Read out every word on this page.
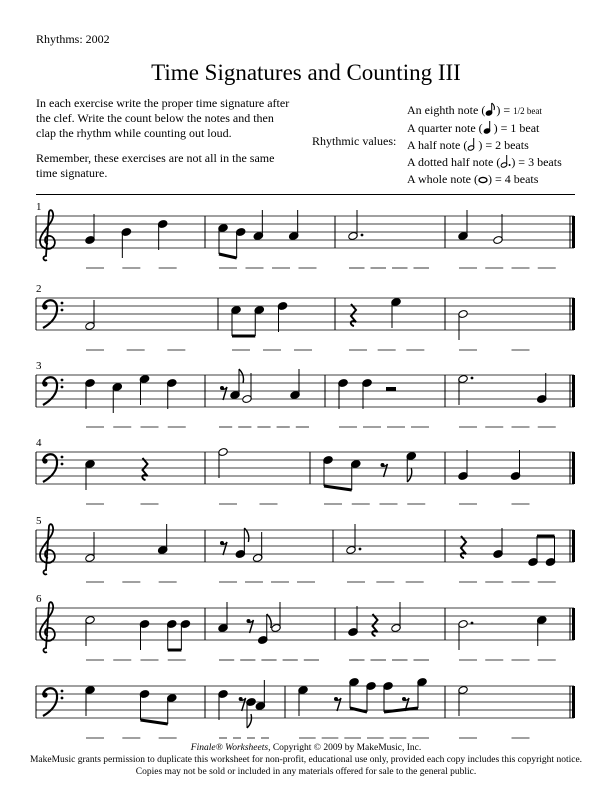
Rhythms: 2002
Time Signatures and Counting III

In each exercise write the proper time signature after the clef. Write the count below the notes and then clap the rhythm while counting out loud.

Remember, these exercises are not all in the same time signature.

Rhythmic values:
An eighth note ( ) = 1/2 beat
A quarter note ( ) = 1 beat
A half note ( ) = 2 beats
A dotted half note ( ) = 3 beats
A whole note ( ) = 4 beats
1
2
3
4
5
6
Finale® Worksheets, Copyright © 2009 by MakeMusic, Inc.
MakeMusic grants permission to duplicate this worksheet for non-profit, educational use only, provided each copy includes this copyright notice.
Copies may not be sold or included in any materials offered for sale to the general public.
